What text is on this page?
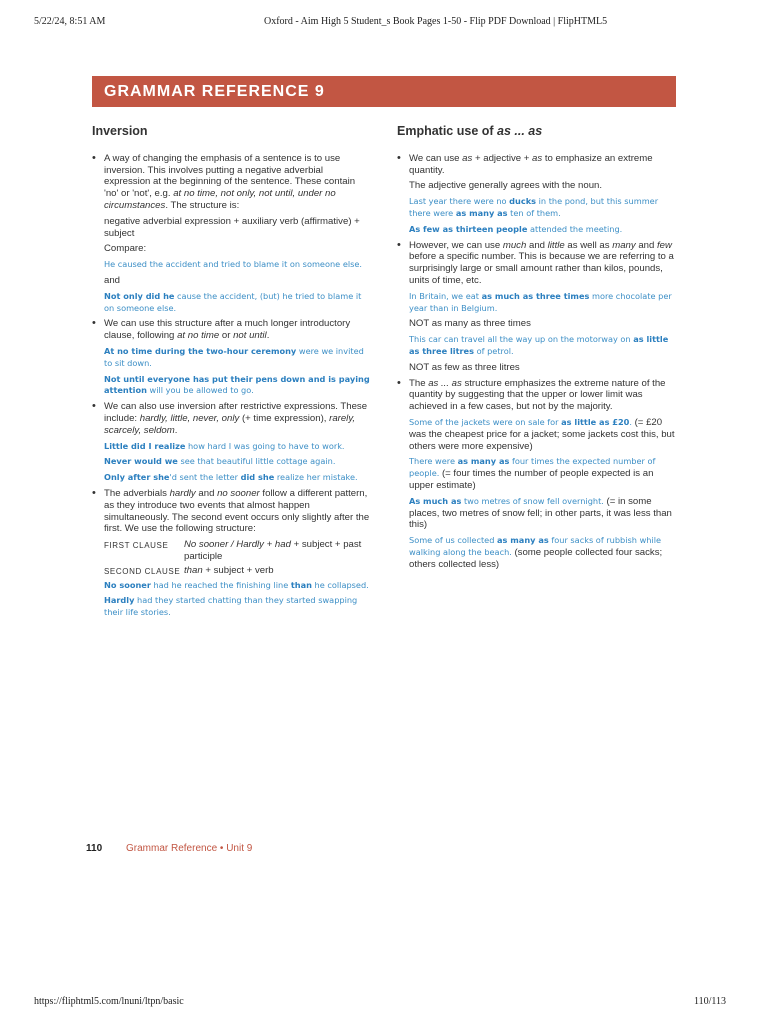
5/22/24, 8:51 AM	Oxford - Aim High 5 Student_s Book Pages 1-50 - Flip PDF Download | FlipHTML5
GRAMMAR REFERENCE 9
Inversion

• A way of changing the emphasis of a sentence is to use inversion. This involves putting a negative adverbial expression at the beginning of the sentence. These contain 'no' or 'not', e.g. at no time, not only, not until, under no circumstances. The structure is:

negative adverbial expression + auxiliary verb (affirmative) + subject

Compare:

He caused the accident and tried to blame it on someone else.

and

Not only did he cause the accident, (but) he tried to blame it on someone else.

• We can use this structure after a much longer introductory clause, following at no time or not until.

At no time during the two-hour ceremony were we invited to sit down.

Not until everyone has put their pens down and is paying attention will you be allowed to go.

• We can also use inversion after restrictive expressions. These include: hardly, little, never, only (+ time expression), rarely, scarcely, seldom.

Little did I realize how hard I was going to have to work.

Never would we see that beautiful little cottage again.

Only after she'd sent the letter did she realize her mistake.

• The adverbials hardly and no sooner follow a different pattern, as they introduce two events that almost happen simultaneously. The second event occurs only slightly after the first. We use the following structure:

FIRST CLAUSE	No sooner / Hardly + had + subject + past participle
SECOND CLAUSE than + subject + verb

No sooner had he reached the finishing line than he collapsed.

Hardly had they started chatting than they started swapping their life stories.

Emphatic use of as ... as

• We can use as + adjective + as to emphasize an extreme quantity.

The adjective generally agrees with the noun.

Last year there were no ducks in the pond, but this summer there were as many as ten of them.

As few as thirteen people attended the meeting.

• However, we can use much and little as well as many and few before a specific number. This is because we are referring to a surprisingly large or small amount rather than kilos, pounds, units of time, etc.

In Britain, we eat as much as three times more chocolate per year than in Belgium.

NOT as many as three times

This car can travel all the way up on the motorway on as little as three litres of petrol.

NOT as few as three litres

• The as ... as structure emphasizes the extreme nature of the quantity by suggesting that the upper or lower limit was achieved in a few cases, but not by the majority.

Some of the jackets were on sale for as little as £20. (= £20 was the cheapest price for a jacket; some jackets cost this, but others were more expensive)

There were as many as four times the expected number of people. (= four times the number of people expected is an upper estimate)

As much as two metres of snow fell overnight. (= in some places, two metres of snow fell; in other parts, it was less than this)

Some of us collected as many as four sacks of rubbish while walking along the beach. (some people collected four sacks; others collected less)

110 Grammar Reference • Unit 9
https://fliphtml5.com/lnuni/ltpn/basic	110/113
